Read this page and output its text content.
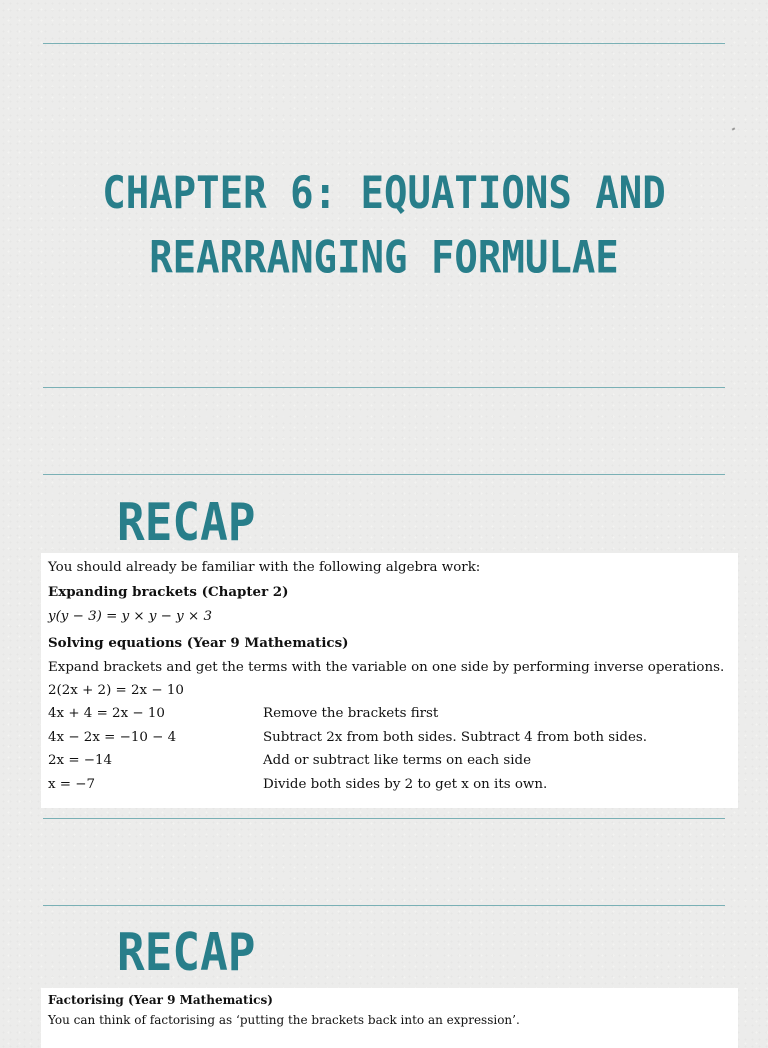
CHAPTER 6: EQUATIONS AND
REARRANGING FORMULAE
RECAP
You should already be familiar with the following algebra work:
Expanding brackets (Chapter 2)
y(y − 3) = y × y − y × 3
Solving equations (Year 9 Mathematics)
Expand brackets and get the terms with the variable on one side by performing inverse operations.
2(2x + 2) = 2x − 10
4x + 4 = 2x − 10	Remove the brackets first
4x − 2x = −10 − 4	Subtract 2x from both sides. Subtract 4 from both sides.
2x = −14	Add or subtract like terms on each side
x = −7	Divide both sides by 2 to get x on its own.
RECAP
Factorising (Year 9 Mathematics)
You can think of factorising as ‘putting the brackets back into an expression’.
